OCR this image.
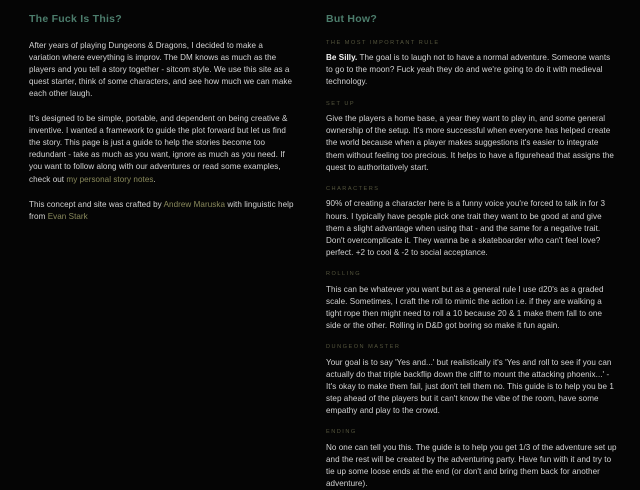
The Fuck Is This?

After years of playing Dungeons & Dragons, I decided to make a variation where everything is improv. The DM knows as much as the players and you tell a story together - sitcom style. We use this site as a quest starter, think of some characters, and see how much we can make each other laugh.

It's designed to be simple, portable, and dependent on being creative & inventive. I wanted a framework to guide the plot forward but let us find the story. This page is just a guide to help the stories become too redundant - take as much as you want, ignore as much as you need. If you want to follow along with our adventures or read some examples, check out my personal story notes.

This concept and site was crafted by Andrew Maruska with linguistic help from Evan Stark

But How?
THE MOST IMPORTANT RULE

Be Silly. The goal is to laugh not to have a normal adventure. Someone wants to go to the moon? Fuck yeah they do and we're going to do it with medieval technology.

SET UP

Give the players a home base, a year they want to play in, and some general ownership of the setup. It's more successful when everyone has helped create the world because when a player makes suggestions it's easier to integrate them without feeling too precious. It helps to have a figurehead that assigns the quest to authoritatively start.

CHARACTERS

90% of creating a character here is a funny voice you're forced to talk in for 3 hours. I typically have people pick one trait they want to be good at and give them a slight advantage when using that - and the same for a negative trait. Don't overcomplicate it. They wanna be a skateboarder who can't feel love? perfect. +2 to cool & -2 to social acceptance.

ROLLING

This can be whatever you want but as a general rule I use d20's as a graded scale. Sometimes, I craft the roll to mimic the action i.e. if they are walking a tight rope then might need to roll a 10 because 20 & 1 make them fall to one side or the other. Rolling in D&D got boring so make it fun again.

DUNGEON MASTER

Your goal is to say 'Yes and...' but realistically it's 'Yes and roll to see if you can actually do that triple backflip down the cliff to mount the attacking phoenix...' - It's okay to make them fail, just don't tell them no. This guide is to help you be 1 step ahead of the players but it can't know the vibe of the room, have some empathy and play to the crowd.

ENDING

No one can tell you this. The guide is to help you get 1/3 of the adventure set up and the rest will be created by the adventuring party. Have fun with it and try to tie up some loose ends at the end (or don't and bring them back for another adventure).
